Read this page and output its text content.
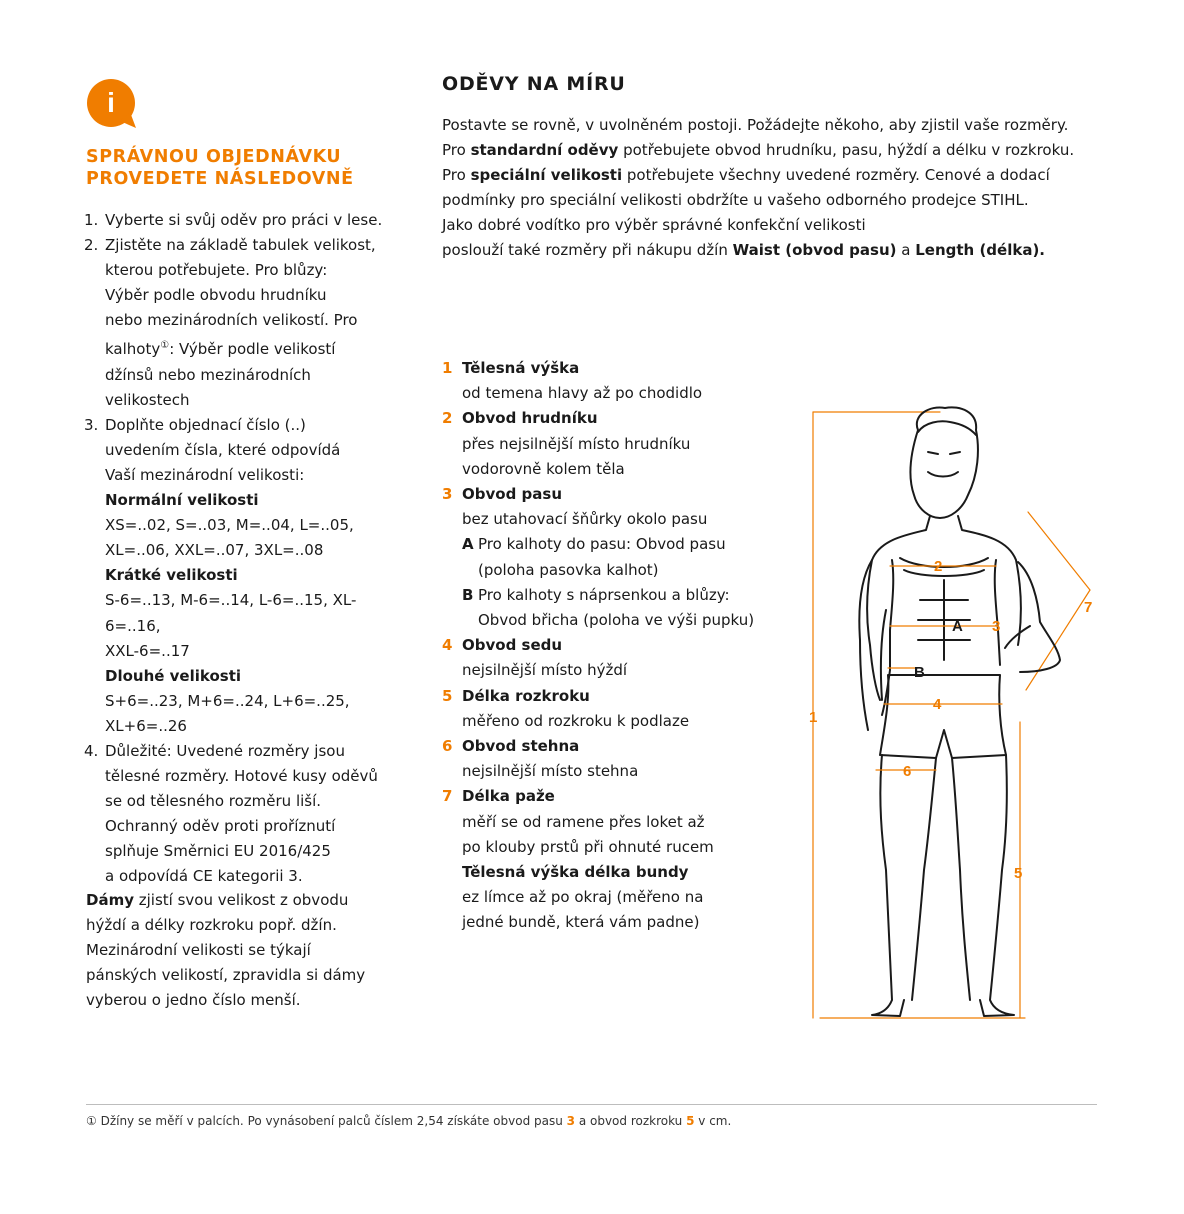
i
SPRÁVNOU OBJEDNÁVKU
PROVEDETE NÁSLEDOVNĚ
1. Vyberte si svůj oděv pro práci v lese.
2. Zjistěte na základě tabulek velikost,
kterou potřebujete. Pro blůzy:
Výběr podle obvodu hrudníku
nebo mezinárodních velikostí. Pro
kalhoty①: Výběr podle velikostí
džínsů nebo mezinárodních
velikostech
3. Doplňte objednací číslo (..)
uvedením čísla, které odpovídá
Vaší mezinárodní velikosti:
Normální velikosti
XS=..02, S=..03, M=..04, L=..05,
XL=..06, XXL=..07, 3XL=..08
Krátké velikosti
S-6=..13, M-6=..14, L-6=..15, XL-6=..16,
XXL-6=..17
Dlouhé velikosti
S+6=..23, M+6=..24, L+6=..25,
XL+6=..26
4. Důležité: Uvedené rozměry jsou
tělesné rozměry. Hotové kusy oděvů
se od tělesného rozměru liší.
Ochranný oděv proti proříznutí
splňuje Směrnici EU 2016/425
a odpovídá CE kategorii 3.
Dámy zjistí svou velikost z obvodu
hýždí a délky rozkroku popř. džín.
Mezinárodní velikosti se týkají
pánských velikostí, zpravidla si dámy
vyberou o jedno číslo menší.
ODĚVY NA MÍRU
Postavte se rovně, v uvolněném postoji. Požádejte někoho, aby zjistil vaše rozměry.
Pro standardní oděvy potřebujete obvod hrudníku, pasu, hýždí a délku v rozkroku.
Pro speciální velikosti potřebujete všechny uvedené rozměry. Cenové a dodací
podmínky pro speciální velikosti obdržíte u vašeho odborného prodejce STIHL.
Jako dobré vodítko pro výběr správné konfekční velikosti
poslouží také rozměry při nákupu džín Waist (obvod pasu) a Length (délka).
1 Tělesná výška
od temena hlavy až po chodidlo
2 Obvod hrudníku
přes nejsilnější místo hrudníku
vodorovně kolem těla
3 Obvod pasu
bez utahovací šňůrky okolo pasu
A Pro kalhoty do pasu: Obvod pasu
(poloha pasovka kalhot)
B Pro kalhoty s náprsenkou a blůzy:
Obvod břicha (poloha ve výši pupku)
4 Obvod sedu
nejsilnější místo hýždí
5 Délka rozkroku
měřeno od rozkroku k podlaze
6 Obvod stehna
nejsilnější místo stehna
7 Délka paže
měří se od ramene přes loket až
po klouby prstů při ohnuté rucem
Tělesná výška délka bundy
ez límce až po okraj (měřeno na
jedné bundě, která vám padne)
2
3
A
B
4
6
1
5
7
① Džíny se měří v palcích. Po vynásobení palců číslem 2,54 získáte obvod pasu 3 a obvod rozkroku 5 v cm.
